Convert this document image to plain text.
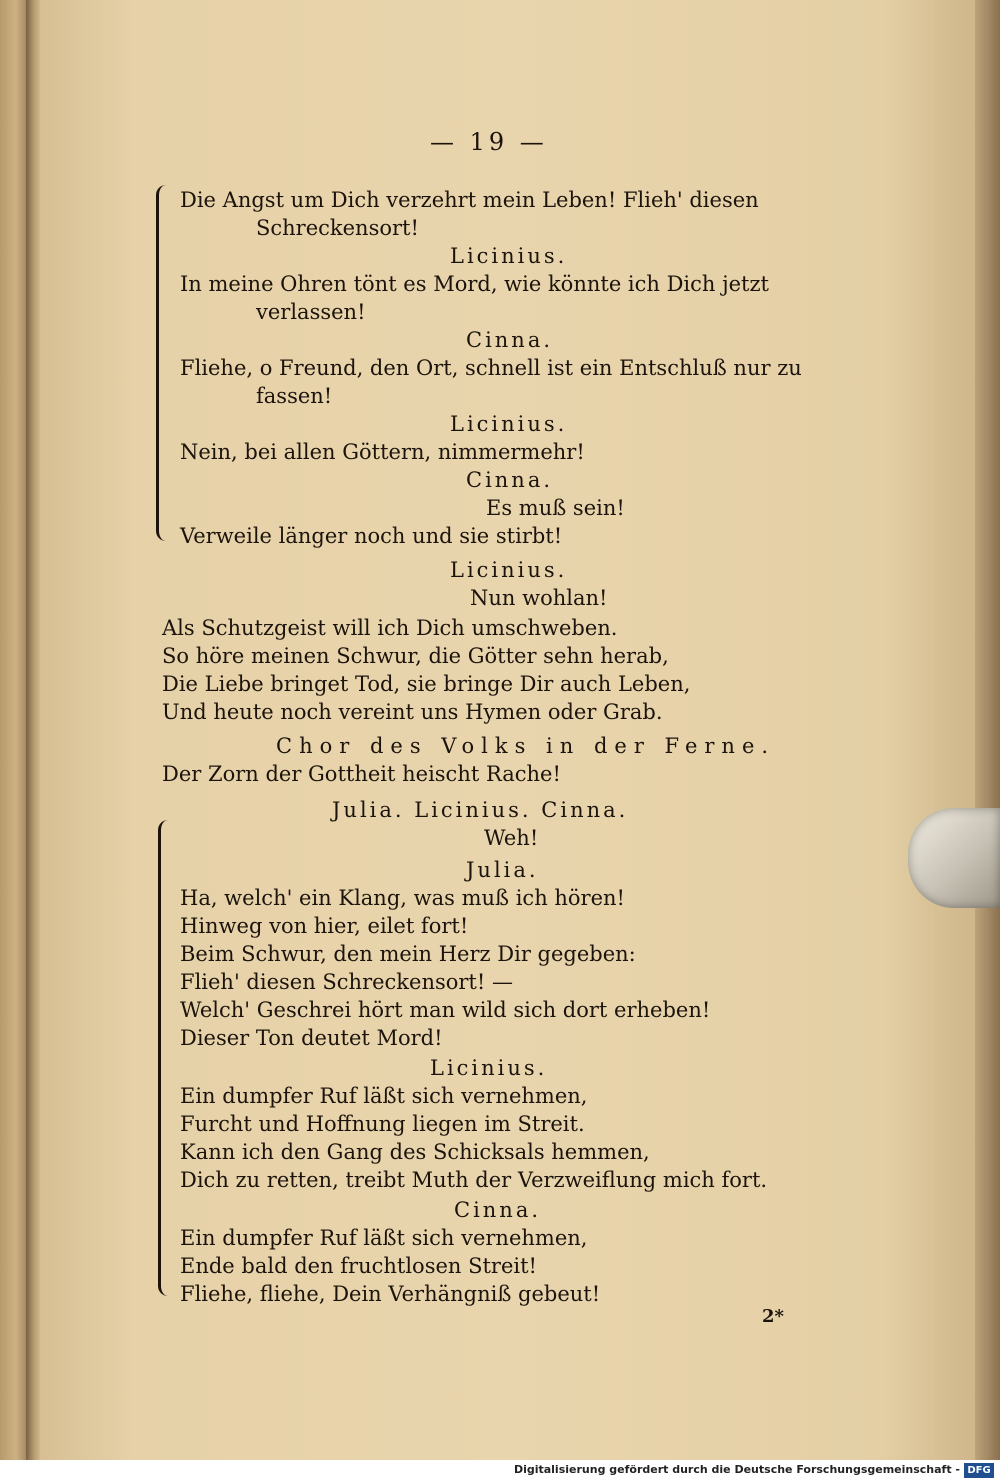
— 19 —
Die Angst um Dich verzehrt mein Leben! Flieh' diesen
Schreckensort!
Licinius.
In meine Ohren tönt es Mord, wie könnte ich Dich jetzt
verlassen!
Cinna.
Fliehe, o Freund, den Ort, schnell ist ein Entschluß nur zu
fassen!
Licinius.
Nein, bei allen Göttern, nimmermehr!
Cinna.
Es muß sein!
Verweile länger noch und sie stirbt!
Licinius.
Nun wohlan!
Als Schutzgeist will ich Dich umschweben.
So höre meinen Schwur, die Götter sehn herab,
Die Liebe bringet Tod, sie bringe Dir auch Leben,
Und heute noch vereint uns Hymen oder Grab.
Chor des Volks in der Ferne.
Der Zorn der Gottheit heischt Rache!
Julia. Licinius. Cinna.
Weh!
Julia.
Ha, welch' ein Klang, was muß ich hören!
Hinweg von hier, eilet fort!
Beim Schwur, den mein Herz Dir gegeben:
Flieh' diesen Schreckensort! —
Welch' Geschrei hört man wild sich dort erheben!
Dieser Ton deutet Mord!
Licinius.
Ein dumpfer Ruf läßt sich vernehmen,
Furcht und Hoffnung liegen im Streit.
Kann ich den Gang des Schicksals hemmen,
Dich zu retten, treibt Muth der Verzweiflung mich fort.
Cinna.
Ein dumpfer Ruf läßt sich vernehmen,
Ende bald den fruchtlosen Streit!
Fliehe, fliehe, Dein Verhängniß gebeut!
2*
Digitalisierung gefördert durch die Deutsche Forschungsgemeinschaft - DFG
